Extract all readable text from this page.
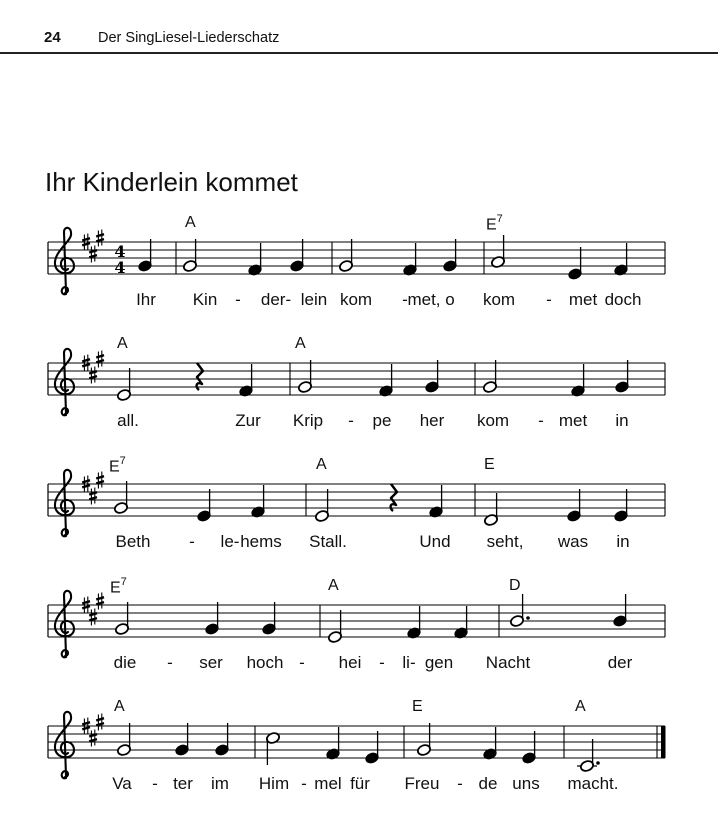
24	Der SingLiesel-Liederschatz
Ihr Kinderlein kommet
4
4
A	$E^7$
Ihr Kin - der- lein kom - met, o kom - met doch
A	A
all.	Zur Krip - pe her kom - met in
$E^7$	A	E
Beth - le- hems Stall.	Und seht, was in
$E^7$	A	D
die - ser hoch - hei - li- gen Nacht	der
A	E	A
Va - ter im Him - mel für Freu - de uns macht.
